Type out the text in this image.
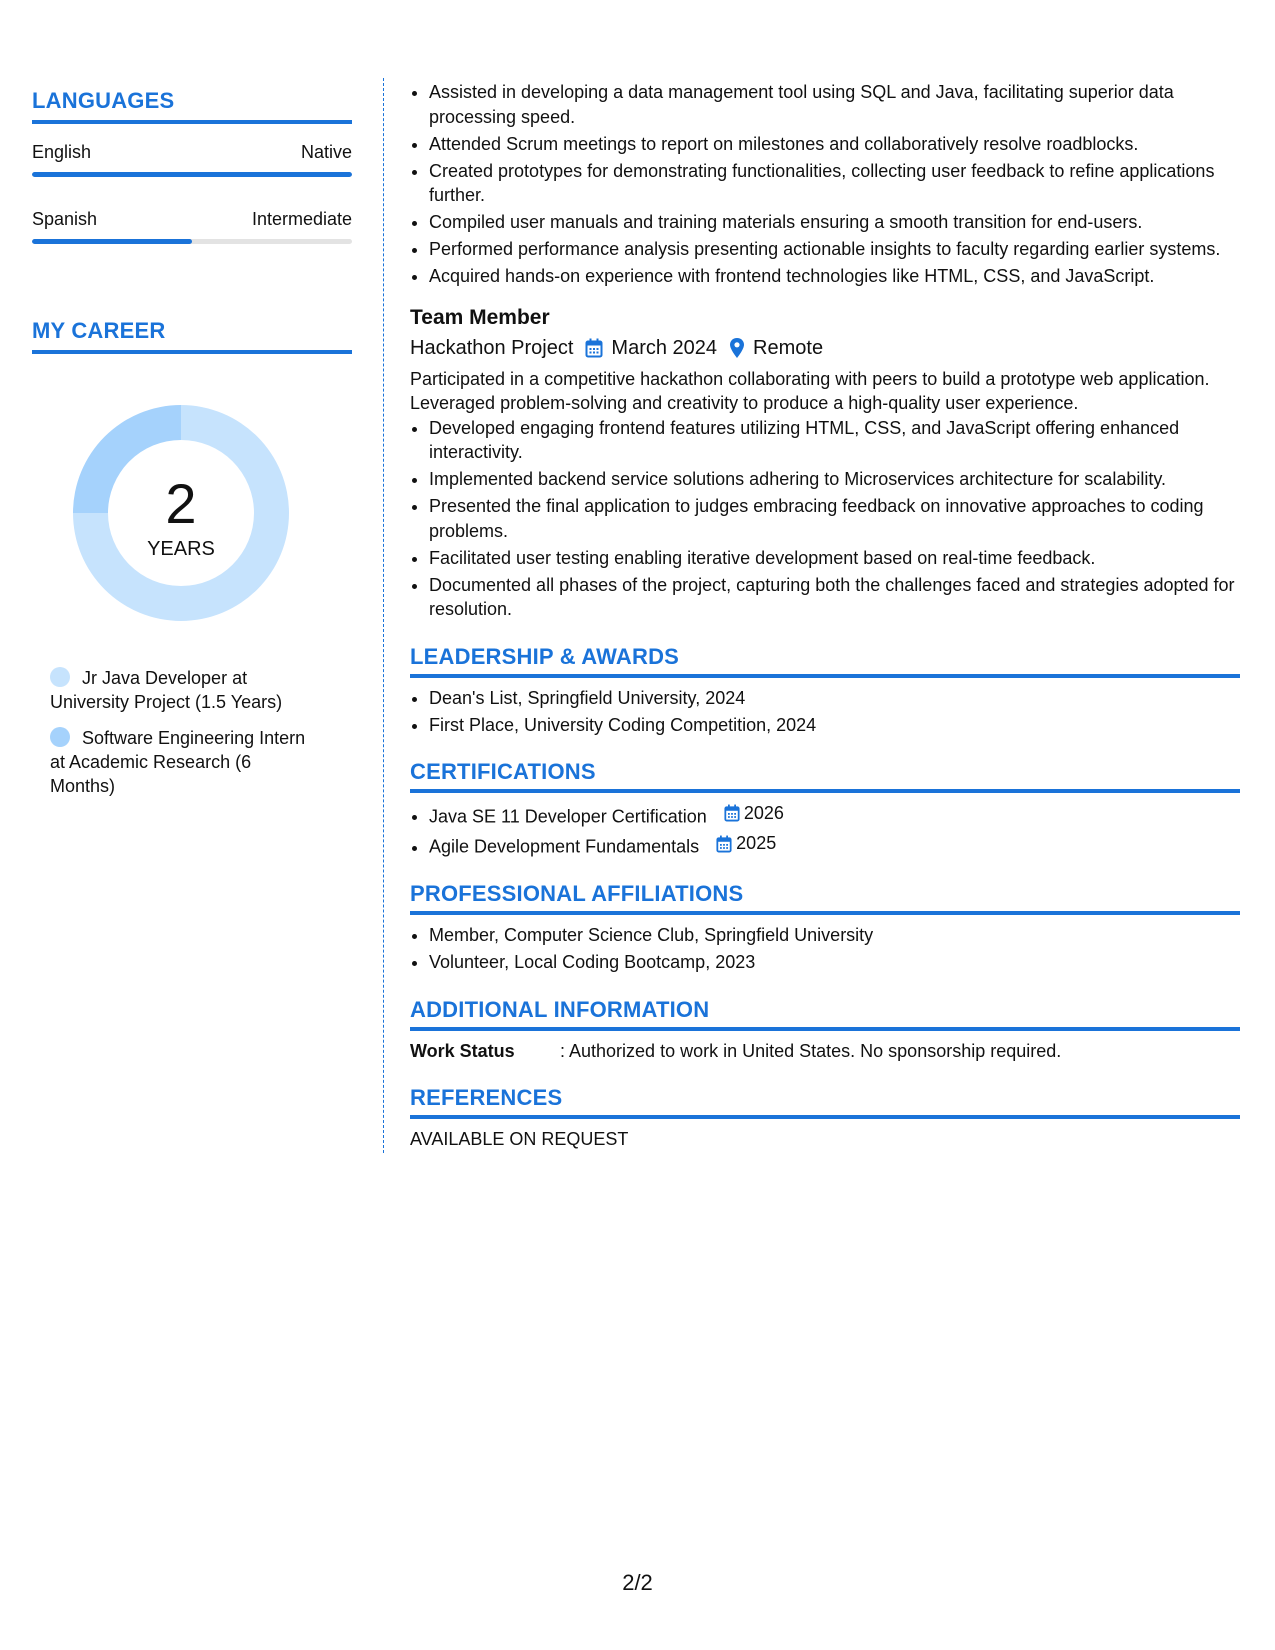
LANGUAGES
English	Native
Spanish	Intermediate
MY CAREER
2
YEARS
Jr Java Developer at University Project (1.5 Years)
Software Engineering Intern at Academic Research (6 Months)
• Assisted in developing a data management tool using SQL and Java, facilitating superior data processing speed.
• Attended Scrum meetings to report on milestones and collaboratively resolve roadblocks.
• Created prototypes for demonstrating functionalities, collecting user feedback to refine applications further.
• Compiled user manuals and training materials ensuring a smooth transition for end-users.
• Performed performance analysis presenting actionable insights to faculty regarding earlier systems.
• Acquired hands-on experience with frontend technologies like HTML, CSS, and JavaScript.
Team Member
Hackathon Project March 2024 Remote
Participated in a competitive hackathon collaborating with peers to build a prototype web application. Leveraged problem-solving and creativity to produce a high-quality user experience.
• Developed engaging frontend features utilizing HTML, CSS, and JavaScript offering enhanced interactivity.
• Implemented backend service solutions adhering to Microservices architecture for scalability.
• Presented the final application to judges embracing feedback on innovative approaches to coding problems.
• Facilitated user testing enabling iterative development based on real-time feedback.
• Documented all phases of the project, capturing both the challenges faced and strategies adopted for resolution.
LEADERSHIP & AWARDS
• Dean's List, Springfield University, 2024
• First Place, University Coding Competition, 2024
CERTIFICATIONS
• Java SE 11 Developer Certification 2026
• Agile Development Fundamentals 2025
PROFESSIONAL AFFILIATIONS
• Member, Computer Science Club, Springfield University
• Volunteer, Local Coding Bootcamp, 2023
ADDITIONAL INFORMATION
Work Status	: Authorized to work in United States. No sponsorship required.
REFERENCES
AVAILABLE ON REQUEST
2/2
